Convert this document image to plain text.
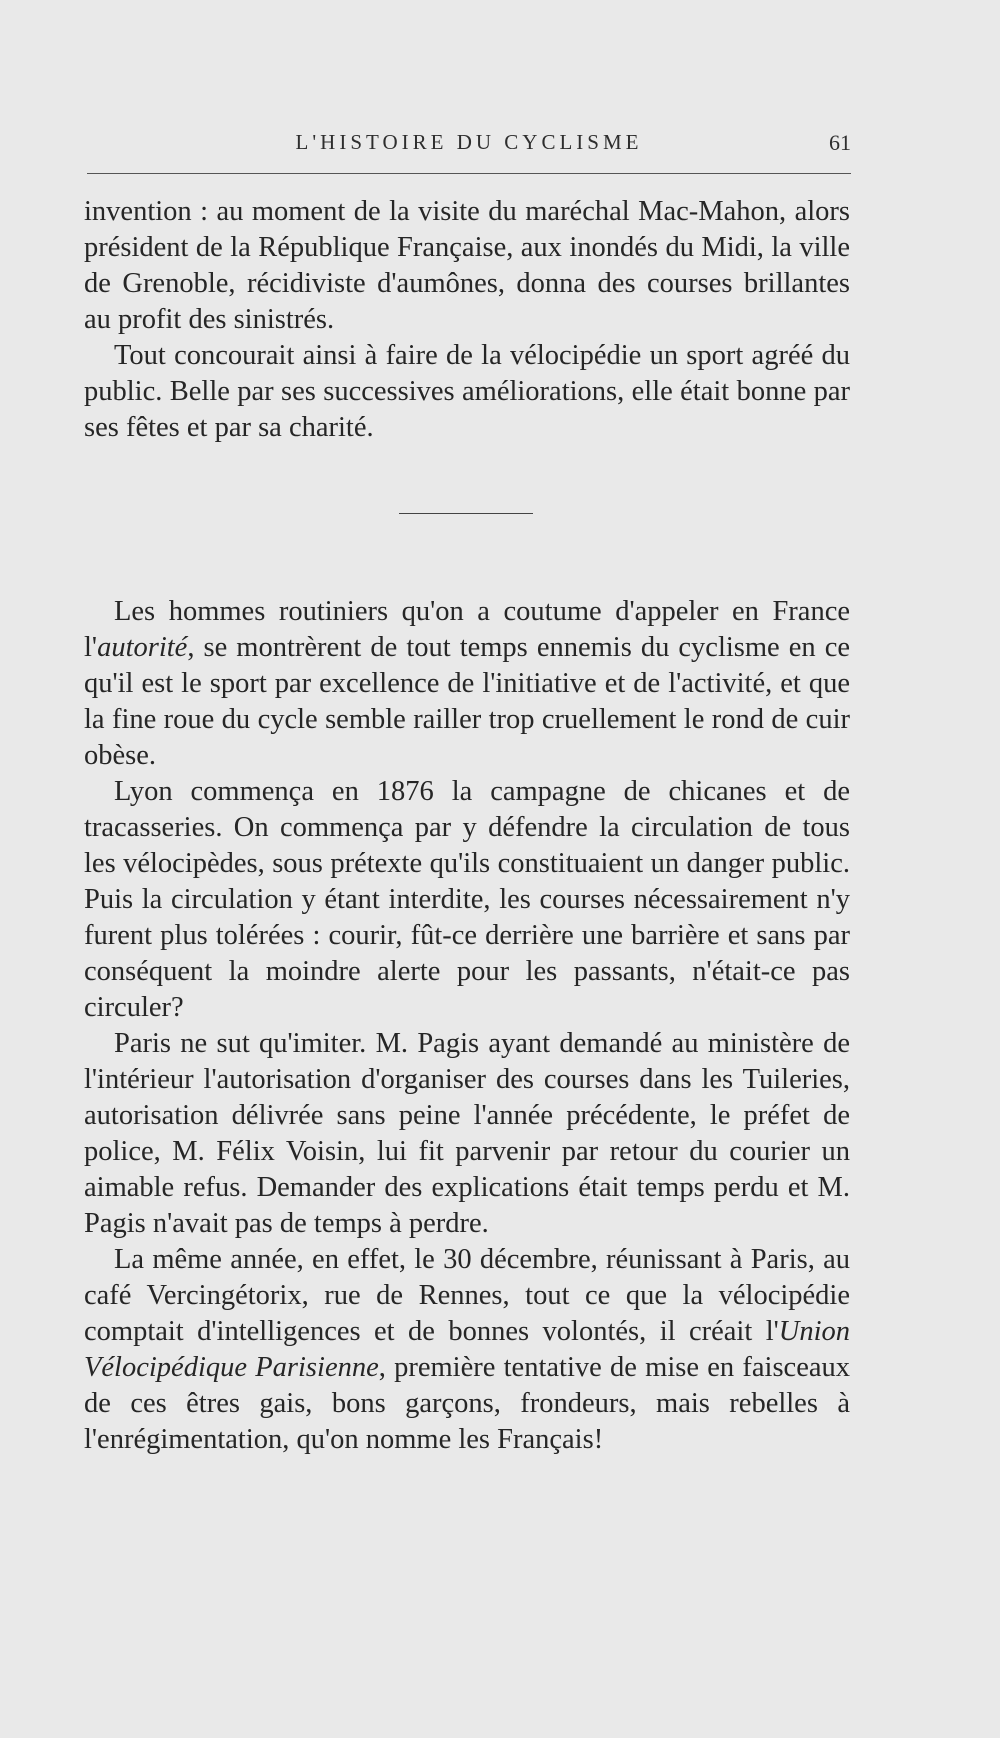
L'HISTOIRE DU CYCLISME	61

invention : au moment de la visite du maréchal Mac-Mahon, alors président de la République Française, aux inondés du Midi, la ville de Grenoble, récidiviste d'aumônes, donna des courses brillantes au profit des sinistrés.

Tout concourait ainsi à faire de la vélocipédie un sport agréé du public. Belle par ses successives améliorations, elle était bonne par ses fêtes et par sa charité.

Les hommes routiniers qu'on a coutume d'appeler en France l'autorité, se montrèrent de tout temps ennemis du cyclisme en ce qu'il est le sport par excellence de l'initiative et de l'activité, et que la fine roue du cycle semble railler trop cruellement le rond de cuir obèse.

Lyon commença en 1876 la campagne de chicanes et de tracasseries. On commença par y défendre la circulation de tous les vélocipèdes, sous prétexte qu'ils constituaient un danger public. Puis la circulation y étant interdite, les courses nécessairement n'y furent plus tolérées : courir, fût-ce derrière une barrière et sans par conséquent la moindre alerte pour les passants, n'était-ce pas circuler?

Paris ne sut qu'imiter. M. Pagis ayant demandé au ministère de l'intérieur l'autorisation d'organiser des courses dans les Tuileries, autorisation délivrée sans peine l'année précédente, le préfet de police, M. Félix Voisin, lui fit parvenir par retour du courier un aimable refus. Demander des explications était temps perdu et M. Pagis n'avait pas de temps à perdre.

La même année, en effet, le 30 décembre, réunissant à Paris, au café Vercingétorix, rue de Rennes, tout ce que la vélocipédie comptait d'intelligences et de bonnes volontés, il créait l'Union Vélocipédique Parisienne, première tentative de mise en faisceaux de ces êtres gais, bons garçons, frondeurs, mais rebelles à l'enrégimentation, qu'on nomme les Français!
